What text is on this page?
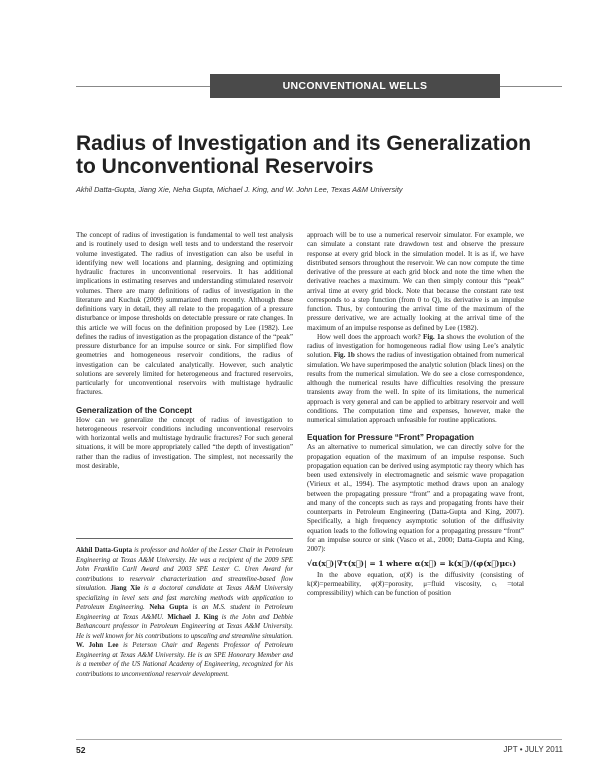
UNCONVENTIONAL WELLS
Radius of Investigation and its Generalization to Unconventional Reservoirs
Akhil Datta-Gupta, Jiang Xie, Neha Gupta, Michael J. King, and W. John Lee, Texas A&M University

The concept of radius of investigation is fundamental to well test analysis and is routinely used to design well tests and to understand the reservoir volume investigated. The radius of investigation can also be useful in identifying new well locations and planning, designing and optimizing hydraulic fractures in unconventional reservoirs. It has additional implications in estimating reserves and understanding stimulated reservoir volumes. There are many definitions of radius of investigation in the literature and Kuchuk (2009) summarized them recently. Although these definitions vary in detail, they all relate to the propagation of a pressure disturbance or impose thresholds on detectable pressure or rate changes. In this article we will focus on the definition proposed by Lee (1982). Lee defines the radius of investigation as the propagation distance of the “peak” pressure disturbance for an impulse source or sink. For simplified flow geometries and homogeneous reservoir conditions, the radius of investigation can be calculated analytically. However, such analytic solutions are severely limited for heterogeneous and fractured reservoirs, particularly for unconventional reservoirs with multistage hydraulic fractures.

Generalization of the Concept

How can we generalize the concept of radius of investigation to heterogeneous reservoir conditions including unconventional reservoirs with horizontal wells and multistage hydraulic fractures? For such general situations, it will be more appropriately called “the depth of investigation” rather than the radius of investigation. The simplest, not necessarily the most desirable,

Akhil Datta-Gupta is professor and holder of the Lesser Chair in Petroleum Engineering at Texas A&M University. He was a recipient of the 2009 SPE John Franklin Carll Award and 2003 SPE Lester C. Uren Award for contributions to reservoir characterization and streamline-based flow simulation. Jiang Xie is a doctoral candidate at Texas A&M University specializing in level sets and fast marching methods with application to Petroleum Engineering. Neha Gupta is an M.S. student in Petroleum Engineering at Texas A&MU. Michael J. King is the John and Debbie Bethancourt professor in Petroleum Engineering at Texas A&M University. He is well known for his contributions to upscaling and streamline simulation. W. John Lee is Peterson Chair and Regents Professor of Petroleum Engineering at Texas A&M University. He is an SPE Honorary Member and is a member of the US National Academy of Engineering, recognized for his contributions to unconventional reservoir development.

approach will be to use a numerical reservoir simulator. For example, we can simulate a constant rate drawdown test and observe the pressure response at every grid block in the simulation model. It is as if, we have distributed sensors throughout the reservoir. We can now compute the time derivative of the pressure at each grid block and note the time when the derivative reaches a maximum. We can then simply contour this “peak” arrival time at every grid block. Note that because the constant rate test corresponds to a step function (from 0 to Q), its derivative is an impulse function. Thus, by contouring the arrival time of the maximum of the pressure derivative, we are actually looking at the arrival time of the maximum of an impulse response as defined by Lee (1982).

How well does the approach work? Fig. 1a shows the evolution of the radius of investigation for homogeneous radial flow using Lee’s analytic solution. Fig. 1b shows the radius of investigation obtained from numerical simulation. We have superimposed the analytic solution (black lines) on the results from the numerical simulation. We do see a close correspondence, although the numerical results have difficulties resolving the pressure transients away from the well. In spite of its limitations, the numerical approach is very general and can be applied to arbitrary reservoir and well conditions. The computation time and expenses, however, make the numerical simulation approach unfeasible for routine applications.

Equation for Pressure “Front” Propagation

As an alternative to numerical simulation, we can directly solve for the propagation equation of the maximum of an impulse response. Such propagation equation can be derived using asymptotic ray theory which has been used extensively in electromagnetic and seismic wave propagation (Virieux et al., 1994). The asymptotic method draws upon an analogy between the propagating pressure “front” and a propagating wave front, and many of the concepts such as rays and propagating fronts have their counterparts in Petroleum Engineering (Datta-Gupta and King, 2007). Specifically, a high frequency asymptotic solution of the diffusivity equation leads to the following equation for a propagating pressure “front” for an impulse source or sink (Vasco et al., 2000; Datta-Gupta and King, 2007):

√α(x⃗)|∇τ(x⃗)| = 1 where α(x⃗) = k(x⃗)/(φ(x⃗)μcₜ)

In the above equation, α(x⃗) is the diffusivity (consisting of k(x⃗)=permeability, φ(x⃗)=porosity, μ=fluid viscosity, cₜ =total compressibility) which can be function of position

52	JPT • JULY 2011
